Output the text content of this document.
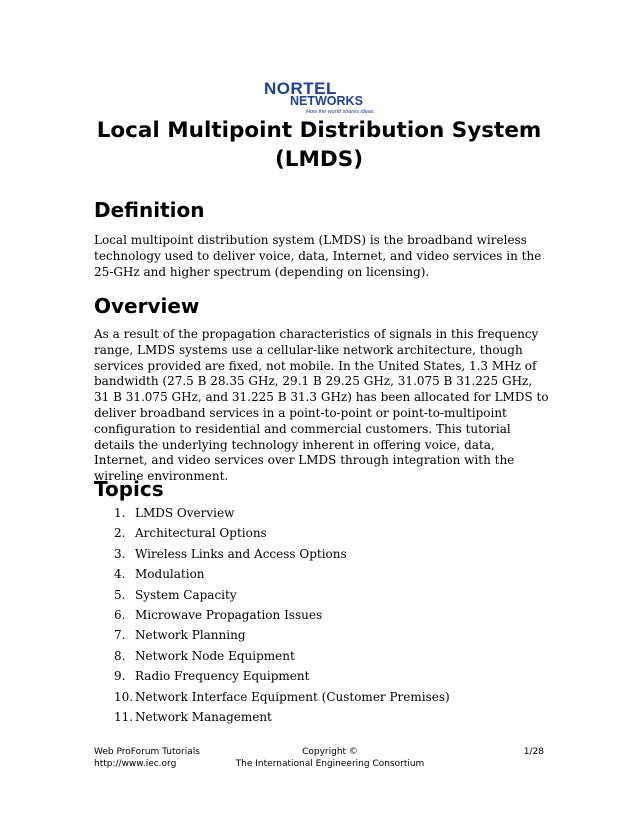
NORTEL
NETWORKS
How the world shares ideas.
Local Multipoint Distribution System
(LMDS)
Definition

Local multipoint distribution system (LMDS) is the broadband wireless technology used to deliver voice, data, Internet, and video services in the 25-GHz and higher spectrum (depending on licensing).

Overview

As a result of the propagation characteristics of signals in this frequency range, LMDS systems use a cellular-like network architecture, though services provided are fixed, not mobile. In the United States, 1.3 MHz of bandwidth (27.5 B 28.35 GHz, 29.1 B 29.25 GHz, 31.075 B 31.225 GHz, 31 B 31.075 GHz, and 31.225 B 31.3 GHz) has been allocated for LMDS to deliver broadband services in a point-to-point or point-to-multipoint configuration to residential and commercial customers. This tutorial details the underlying technology inherent in offering voice, data, Internet, and video services over LMDS through integration with the wireline environment.

Topics
1. LMDS Overview
2. Architectural Options
3. Wireless Links and Access Options
4. Modulation
5. System Capacity
6. Microwave Propagation Issues
7. Network Planning
8. Network Node Equipment
9. Radio Frequency Equipment
10. Network Interface Equipment (Customer Premises)
11. Network Management
Web ProForum Tutorials
http://www.iec.org
Copyright ©
The International Engineering Consortium
1/28
